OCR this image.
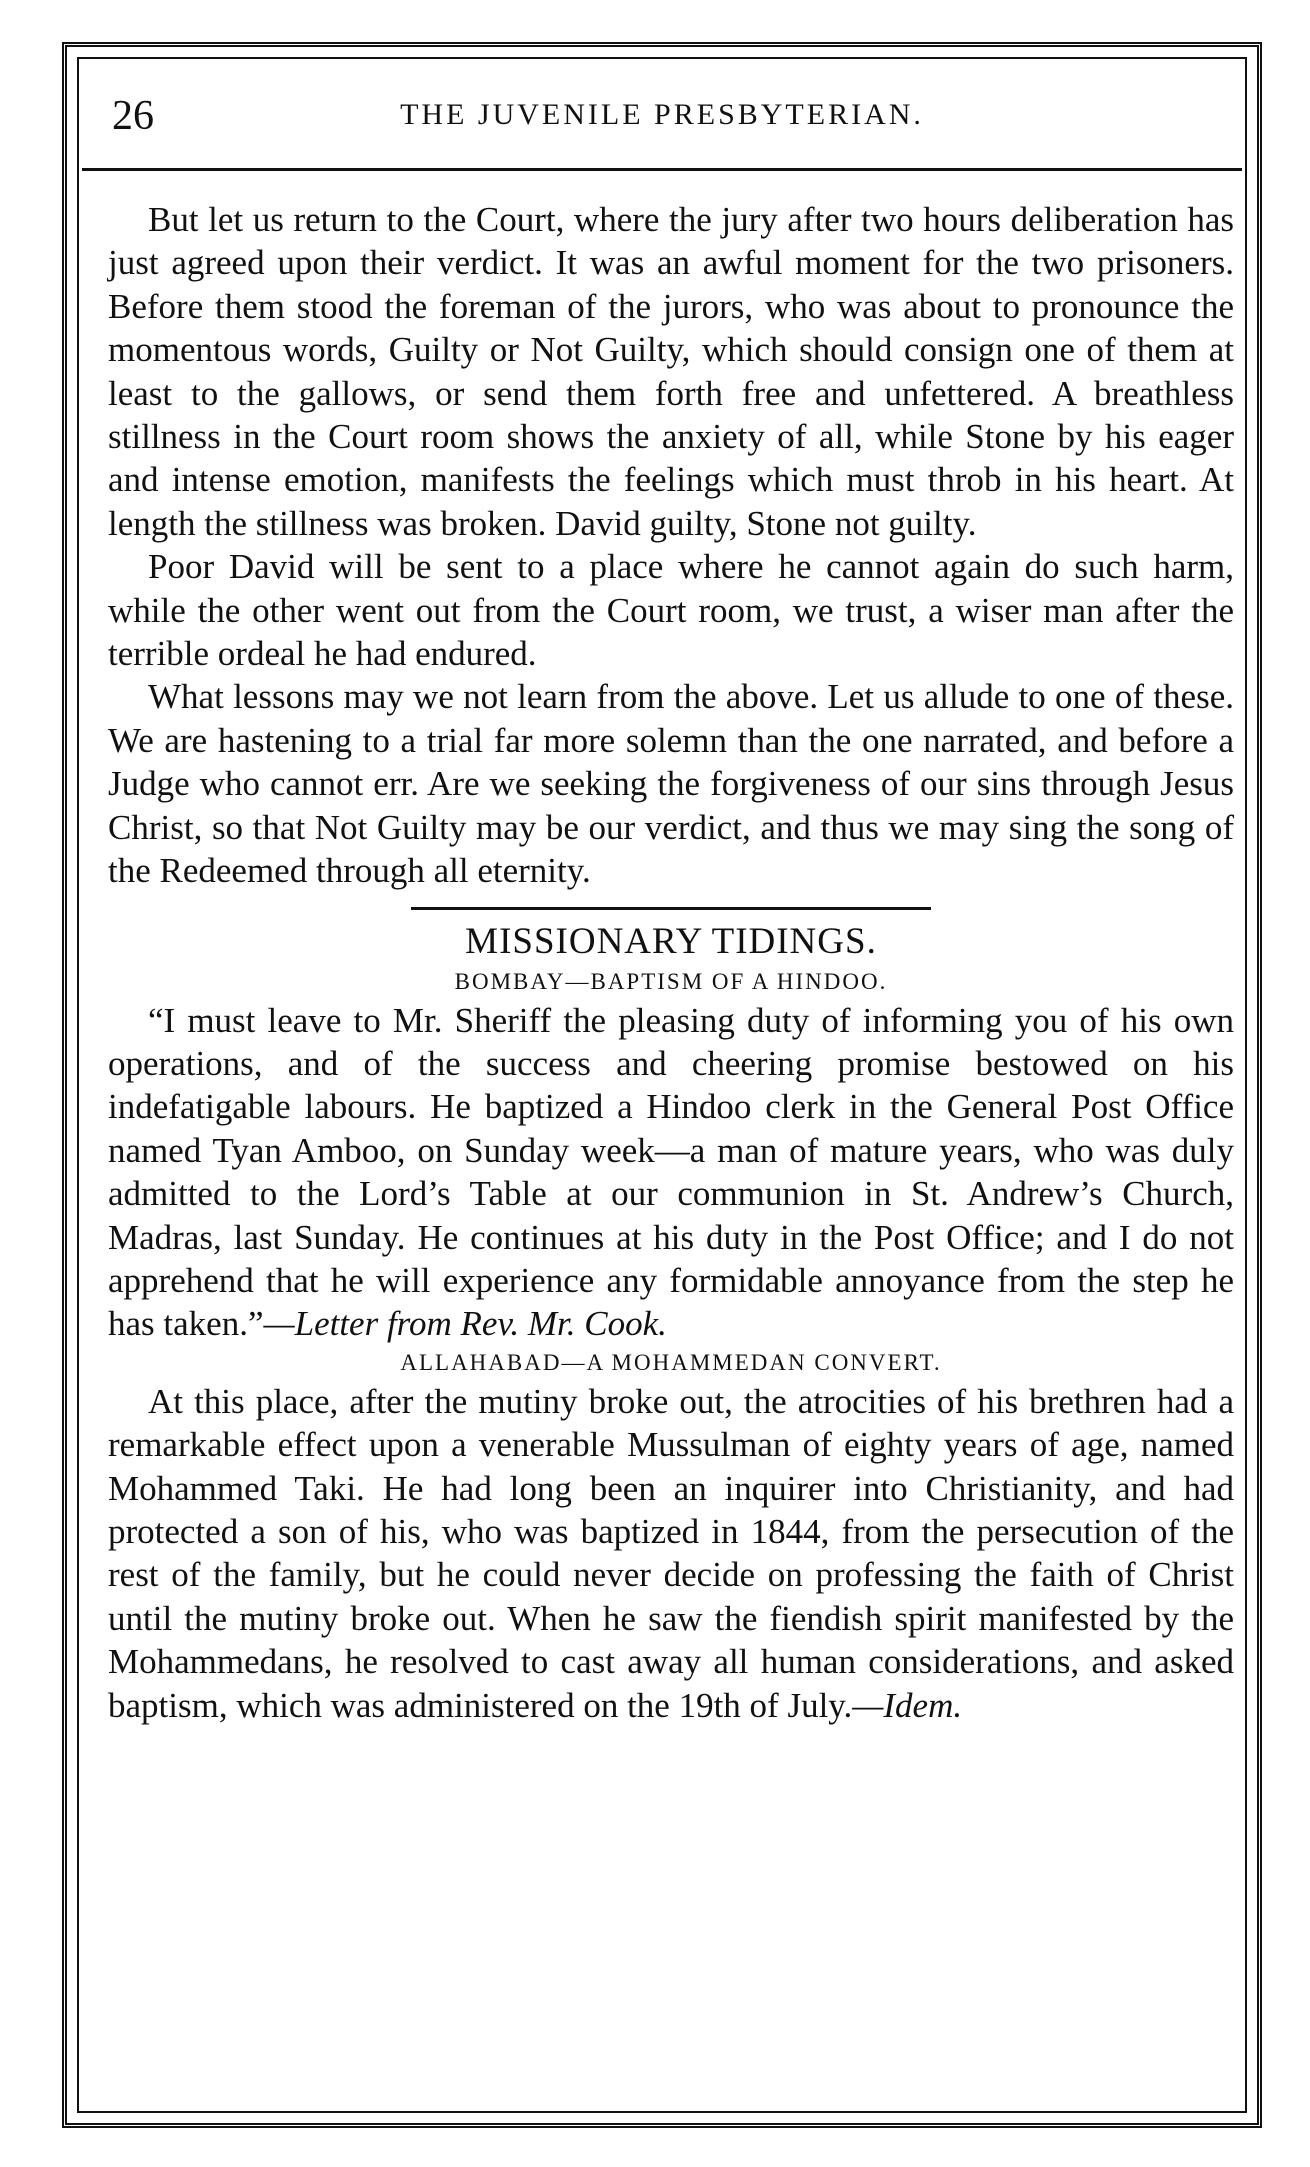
26	THE JUVENILE PRESBYTERIAN.

But let us return to the Court, where the jury after two hours deliberation has just agreed upon their verdict. It was an awful moment for the two prisoners. Before them stood the foreman of the jurors, who was about to pronounce the momentous words, Guilty or Not Guilty, which should consign one of them at least to the gallows, or send them forth free and unfettered. A breathless stillness in the Court room shows the anxiety of all, while Stone by his eager and intense emotion, manifests the feelings which must throb in his heart. At length the stillness was broken. David guilty, Stone not guilty.

Poor David will be sent to a place where he cannot again do such harm, while the other went out from the Court room, we trust, a wiser man after the terrible ordeal he had endured.

What lessons may we not learn from the above. Let us allude to one of these. We are hastening to a trial far more solemn than the one narrated, and before a Judge who cannot err. Are we seeking the forgiveness of our sins through Jesus Christ, so that Not Guilty may be our verdict, and thus we may sing the song of the Redeemed through all eternity.

MISSIONARY TIDINGS.
BOMBAY—BAPTISM OF A HINDOO.

“I must leave to Mr. Sheriff the pleasing duty of informing you of his own operations, and of the success and cheering promise bestowed on his indefatigable labours. He baptized a Hindoo clerk in the General Post Office named Tyan Amboo, on Sunday week—a man of mature years, who was duly admitted to the Lord’s Table at our communion in St. Andrew’s Church, Madras, last Sunday. He continues at his duty in the Post Office; and I do not apprehend that he will experience any formidable annoyance from the step he has taken.”—Letter from Rev. Mr. Cook.

ALLAHABAD—A MOHAMMEDAN CONVERT.

At this place, after the mutiny broke out, the atrocities of his brethren had a remarkable effect upon a venerable Mussulman of eighty years of age, named Mohammed Taki. He had long been an inquirer into Christianity, and had protected a son of his, who was baptized in 1844, from the persecution of the rest of the family, but he could never decide on professing the faith of Christ until the mutiny broke out. When he saw the fiendish spirit manifested by the Mohammedans, he resolved to cast away all human considerations, and asked baptism, which was administered on the 19th of July.—Idem.
